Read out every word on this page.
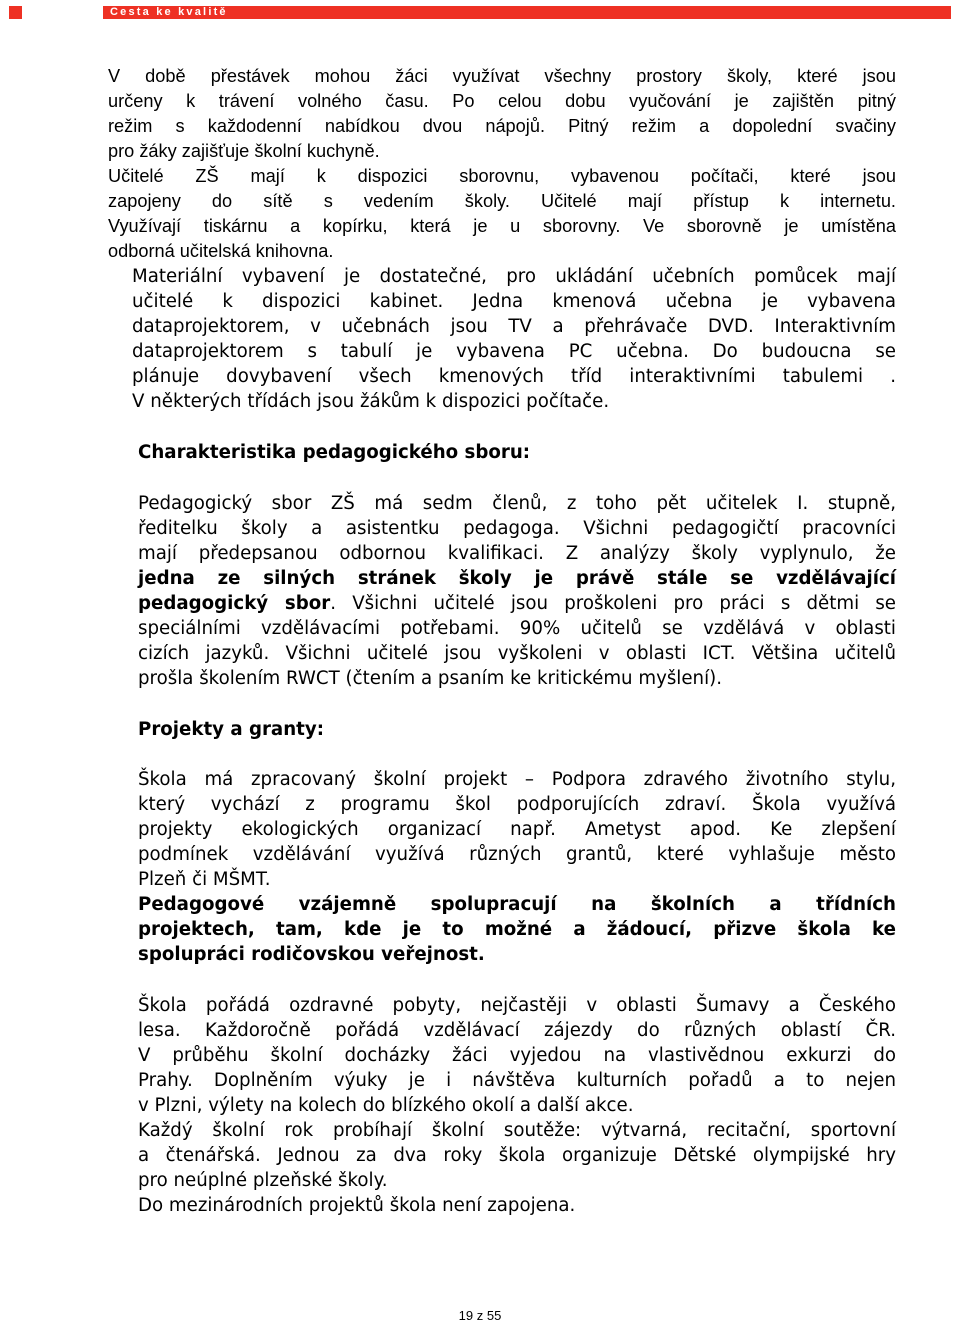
Cesta ke kvalitě

V době přestávek mohou žáci využívat všechny prostory školy, které jsou
určeny k trávení volného času. Po celou dobu vyučování je zajištěn pitný
režim s každodenní nabídkou dvou nápojů. Pitný režim a dopolední svačiny
pro žáky zajišťuje školní kuchyně.

Učitelé ZŠ mají k dispozici sborovnu, vybavenou počítači, které jsou
zapojeny do sítě s vedením školy. Učitelé mají přístup k internetu.
Využívají tiskárnu a kopírku, která je u sborovny. Ve sborovně je umístěna
odborná učitelská knihovna.

Materiální vybavení je dostatečné, pro ukládání učebních pomůcek mají
učitelé k dispozici kabinet. Jedna kmenová učebna je vybavena
dataprojektorem, v učebnách jsou TV a přehrávače DVD. Interaktivním
dataprojektorem s tabulí je vybavena PC učebna. Do budoucna se
plánuje dovybavení všech kmenových tříd interaktivními tabulemi .
V některých třídách jsou žákům k dispozici počítače.

Charakteristika pedagogického sboru:

Pedagogický sbor ZŠ má sedm členů, z toho pět učitelek I. stupně,
ředitelku školy a asistentku pedagoga. Všichni pedagogičtí pracovníci
mají předepsanou odbornou kvalifikaci. Z analýzy školy vyplynulo, že
jedna ze silných stránek školy je právě stále se vzdělávající
pedagogický sbor. Všichni učitelé jsou proškoleni pro práci s dětmi se
speciálními vzdělávacími potřebami. 90% učitelů se vzdělává v oblasti
cizích jazyků. Všichni učitelé jsou vyškoleni v oblasti ICT. Většina učitelů
prošla školením RWCT (čtením a psaním ke kritickému myšlení).

Projekty a granty:

Škola má zpracovaný školní projekt – Podpora zdravého životního stylu,
který vychází z programu škol podporujících zdraví. Škola využívá
projekty ekologických organizací např. Ametyst apod. Ke zlepšení
podmínek vzdělávání využívá různých grantů, které vyhlašuje město
Plzeň či MŠMT.

Pedagogové vzájemně spolupracují na školních a třídních
projektech, tam, kde je to možné a žádoucí, přizve škola ke
spolupráci rodičovskou veřejnost.

Škola pořádá ozdravné pobyty, nejčastěji v oblasti Šumavy a Českého
lesa. Každoročně pořádá vzdělávací zájezdy do různých oblastí ČR.
V průběhu školní docházky žáci vyjedou na vlastivědnou exkurzi do
Prahy. Doplněním výuky je i návštěva kulturních pořadů a to nejen
v Plzni, výlety na kolech do blízkého okolí a další akce.

Každý školní rok probíhají školní soutěže: výtvarná, recitační, sportovní
a čtenářská. Jednou za dva roky škola organizuje Dětské olympijské hry
pro neúplné plzeňské školy.

Do mezinárodních projektů škola není zapojena.

19 z 55
